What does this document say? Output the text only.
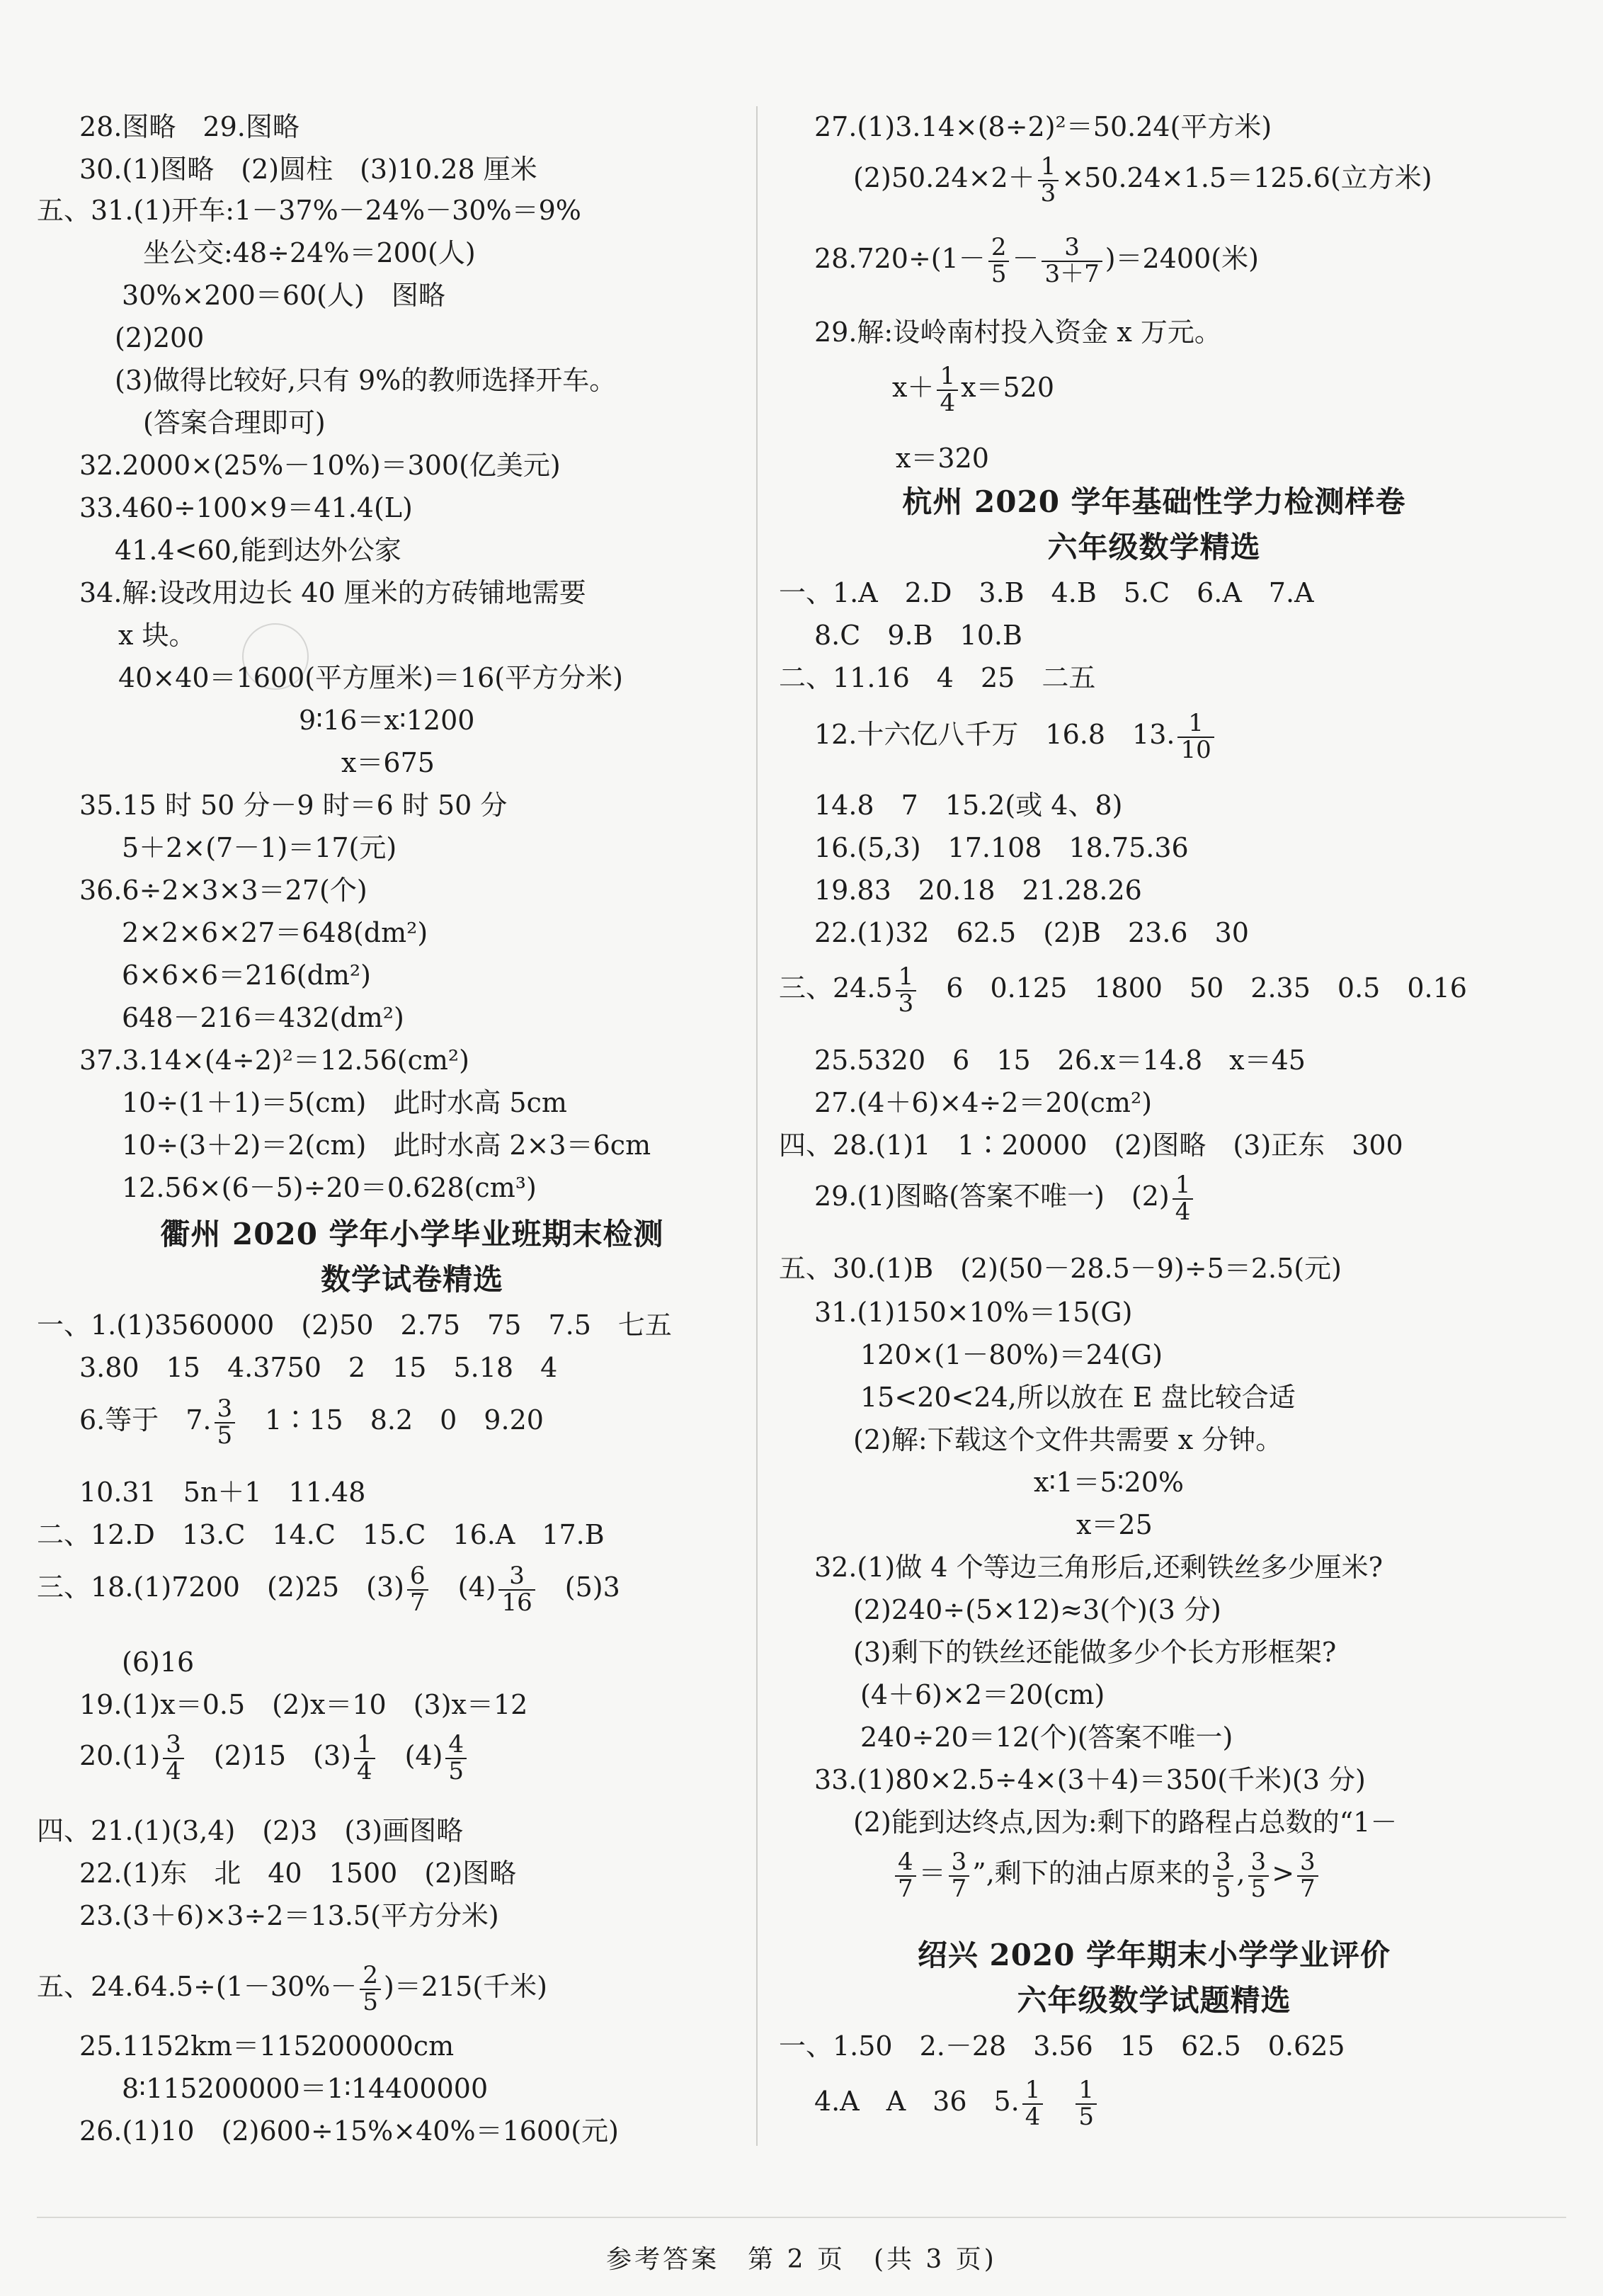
28.图略　29.图略
30.(1)图略　(2)圆柱　(3)10.28 厘米
五、31.(1)开车:1－37%－24%－30%＝9%
坐公交:48÷24%＝200(人)
30%×200＝60(人)　图略
(2)200
(3)做得比较好,只有 9%的教师选择开车。
(答案合理即可)
32.2000×(25%－10%)＝300(亿美元)
33.460÷100×9＝41.4(L)
41.4<60,能到达外公家
34.解:设改用边长 40 厘米的方砖铺地需要
x 块。
40×40＝1600(平方厘米)＝16(平方分米)
9∶16＝x∶1200
x＝675
35.15 时 50 分－9 时＝6 时 50 分
5＋2×(7－1)＝17(元)
36.6÷2×3×3＝27(个)
2×2×6×27＝648(dm²)
6×6×6＝216(dm²)
648－216＝432(dm²)
37.3.14×(4÷2)²＝12.56(cm²)
10÷(1＋1)＝5(cm)　此时水高 5cm
10÷(3＋2)＝2(cm)　此时水高 2×3＝6cm
12.56×(6－5)÷20＝0.628(cm³)
衢州 2020 学年小学毕业班期末检测
数学试卷精选
一、1.(1)3560000　(2)50　2.75　75　7.5　七五
3.80　15　4.3750　2　15　5.18　4
6.等于　7. $\frac{3}{5}$
　 1∶15　8.2　0　9.20
10.31　5n＋1　11.48
二、12.D　13.C　14.C　15.C　16.A　17.B
三、18.(1)7200　(2)25　$(3) \frac{6}{7}$
　 $(4) \frac{3}{16}$
　 (5)3
(6)16
19.(1)x＝0.5　(2)x＝10　(3)x＝12
$20.(1) \frac{3}{4}$
　 (2)15　$(3) \frac{1}{4}$
　 $(4) \frac{4}{5}$
四、21.(1)(3,4)　(2)3　(3)画图略
22.(1)东　北　40　1500　(2)图略
23.(3＋6)×3÷2＝13.5(平方分米)
五、$24.64.5\div(1-30\%- \frac{2}{5} )=215$(千米)
25.1152km＝115200000cm
8∶115200000＝1∶14400000
26.(1)10　(2)600÷15%×40%＝1600(元)
27.(1)3.14×(8÷2)²＝50.24(平方米)
$(2)50.24\times 2+ \frac{1}{3} \times 50.24\times 1.5=125.6$(立方米)
$28.720\div(1- \frac{2}{5} - \frac{3}{3+7} )=2400$(米)
29.解:设岭南村投入资金 x 万元。
$x+ \frac{1}{4} x=520$
x＝320
杭州 2020 学年基础性学力检测样卷
六年级数学精选
一、1.A　2.D　3.B　4.B　5.C　6.A　7.A
8.C　9.B　10.B
二、11.16　4　25　二五
12.十六亿八千万　16.8　13. $\frac{1}{10}$
14.8　7　15.2(或 4、8)
16.(5,3)　17.108　18.75.36
19.83　20.18　21.28.26
22.(1)32　62.5　(2)B　23.6　30
三、$24.5 \frac{1}{3}$
　 6　0.125　1800　50　2.35　0.5　0.16
25.5320　6　15　26.x＝14.8　x＝45
27.(4＋6)×4÷2＝20(cm²)
四、28.(1)1　1∶20000　(2)图略　(3)正东　300
29.(1)图略(答案不唯一)　$(2) \frac{1}{4}$
五、30.(1)B　(2)(50－28.5－9)÷5＝2.5(元)
31.(1)150×10%＝15(G)
120×(1－80%)＝24(G)
15<20<24,所以放在 E 盘比较合适
(2)解:下载这个文件共需要 x 分钟。
x∶1＝5∶20%
x＝25
32.(1)做 4 个等边三角形后,还剩铁丝多少厘米?
(2)240÷(5×12)≈3(个)(3 分)
(3)剩下的铁丝还能做多少个长方形框架?
(4＋6)×2＝20(cm)
240÷20＝12(个)(答案不唯一)
33.(1)80×2.5÷4×(3＋4)＝350(千米)(3 分)
(2)能到达终点,因为:剩下的路程占总数的“1－
$\frac{4}{7} = \frac{3}{7}$ ”,剩下的油占原来的 $\frac{3}{5}$ , $\frac{3}{5} > \frac{3}{7}$
绍兴 2020 学年期末小学学业评价
六年级数学试题精选
一、1.50　2.－28　3.56　15　62.5　0.625
4.A　A　36　5. $\frac{1}{4}$
　 $\frac{1}{5}$
参考答案　第 2 页　(共 3 页)
